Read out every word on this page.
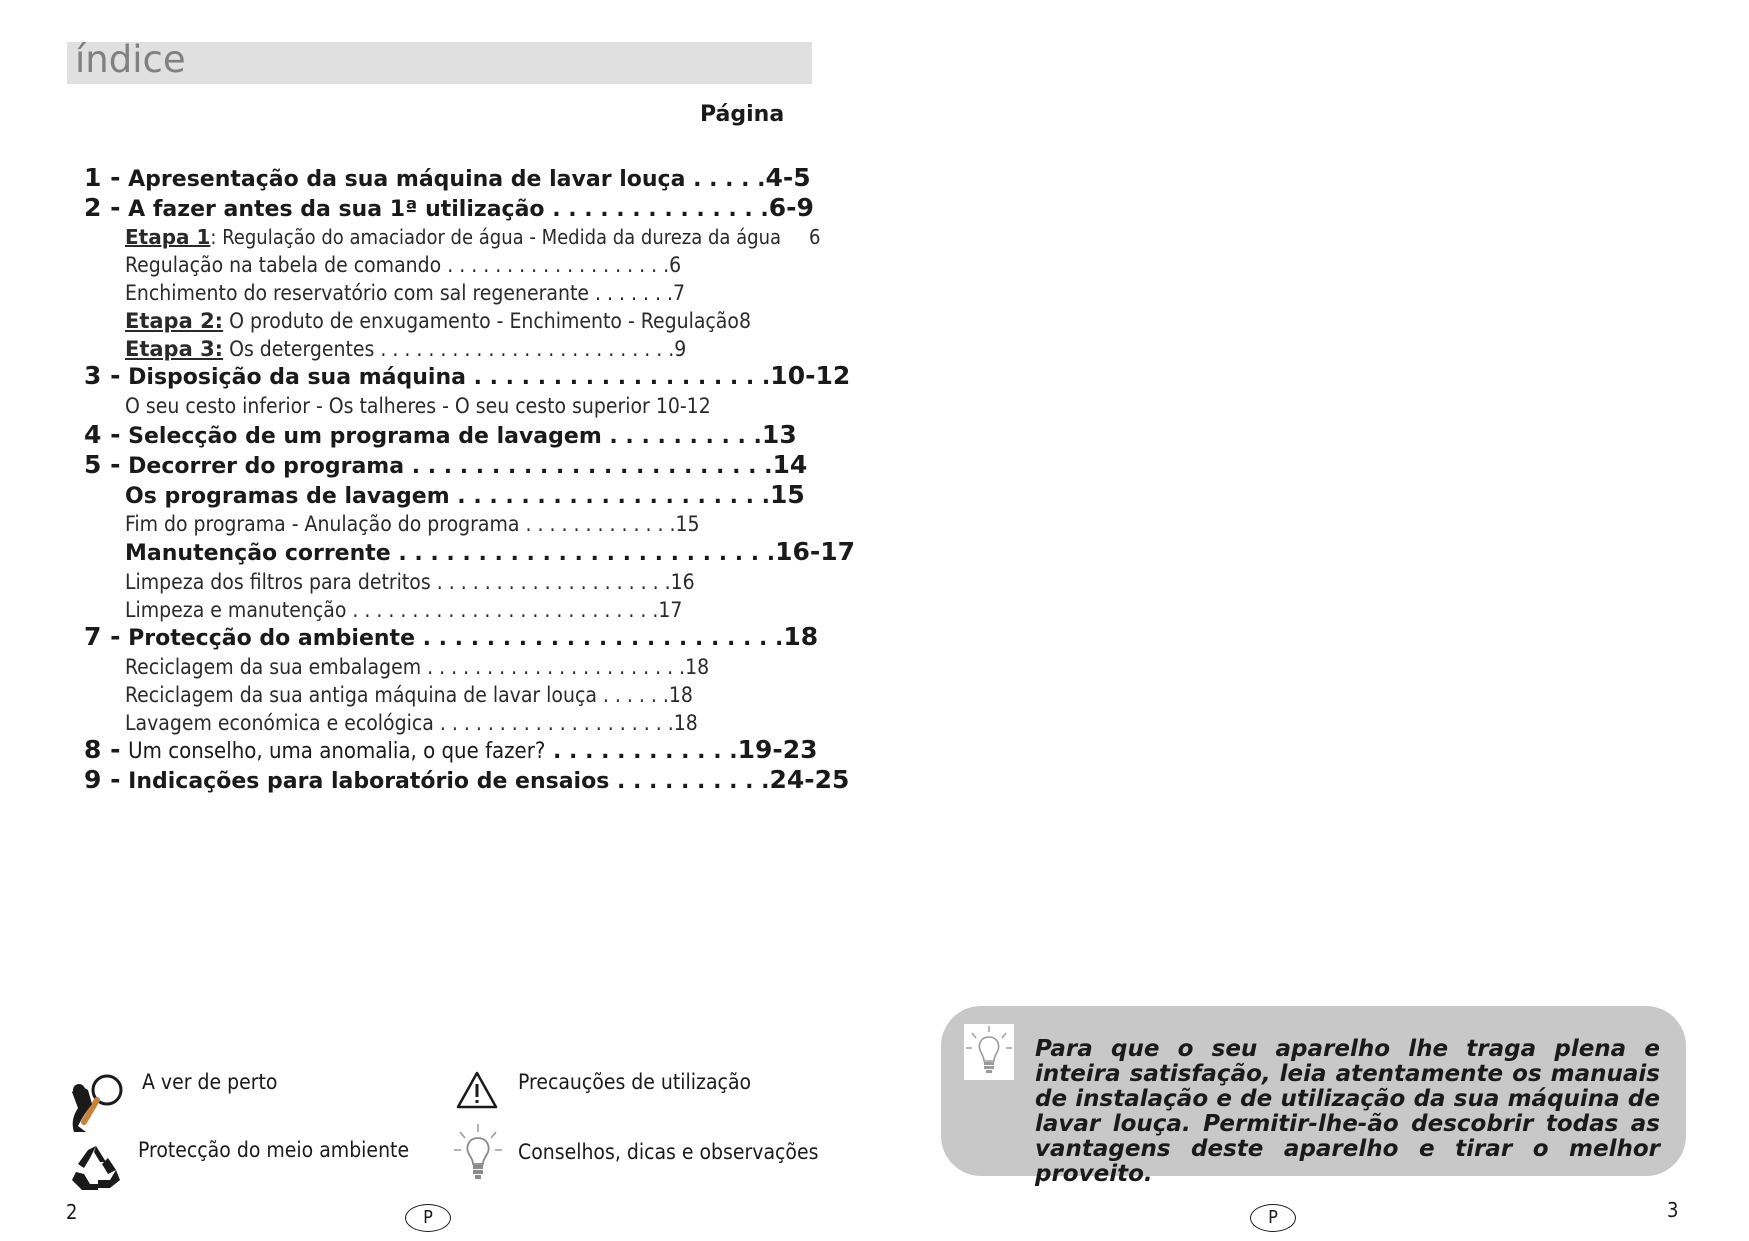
índice
Página
1 - Apresentação da sua máquina de lavar louça . . . . .4-5
2 - A fazer antes da sua 1ª utilização . . . . . . . . . . . . . .6-9
Etapa 1: Regulação do amaciador de água - Medida da dureza da água 6
Regulação na tabela de comando . . . . . . . . . . . . . . . . . . .6
Enchimento do reservatório com sal regenerante . . . . . . .7
Etapa 2: O produto de enxugamento - Enchimento - Regulação8
Etapa 3: Os detergentes . . . . . . . . . . . . . . . . . . . . . . . . .9
3 - Disposição da sua máquina . . . . . . . . . . . . . . . . . . .10-12
O seu cesto inferior - Os talheres - O seu cesto superior 10-12
4 - Selecção de um programa de lavagem . . . . . . . . . .13
5 - Decorrer do programa . . . . . . . . . . . . . . . . . . . . . . .14
Os programas de lavagem . . . . . . . . . . . . . . . . . . . .15
Fim do programa - Anulação do programa . . . . . . . . . . . . .15
Manutenção corrente . . . . . . . . . . . . . . . . . . . . . . . .16-17
Limpeza dos filtros para detritos . . . . . . . . . . . . . . . . . . . .16
Limpeza e manutenção . . . . . . . . . . . . . . . . . . . . . . . . . .17
7 - Protecção do ambiente . . . . . . . . . . . . . . . . . . . . . . .18
Reciclagem da sua embalagem . . . . . . . . . . . . . . . . . . . . . .18
Reciclagem da sua antiga máquina de lavar louça . . . . . .18
Lavagem económica e ecológica . . . . . . . . . . . . . . . . . . . .18
8 - Um conselho, uma anomalia, o que fazer? . . . . . . . . . . . .19-23
9 - Indicações para laboratório de ensaios . . . . . . . . . .24-25
A ver de perto	Precauções de utilização
Protecção do meio ambiente	Conselhos, dicas e observações
Para que o seu aparelho lhe traga plena e inteira satisfação, leia atentamente os manuais de instalação e de utilização da sua máquina de lavar louça. Permitir-lhe-ão descobrir todas as vantagens deste aparelho e tirar o melhor proveito.
2	P	P	3
